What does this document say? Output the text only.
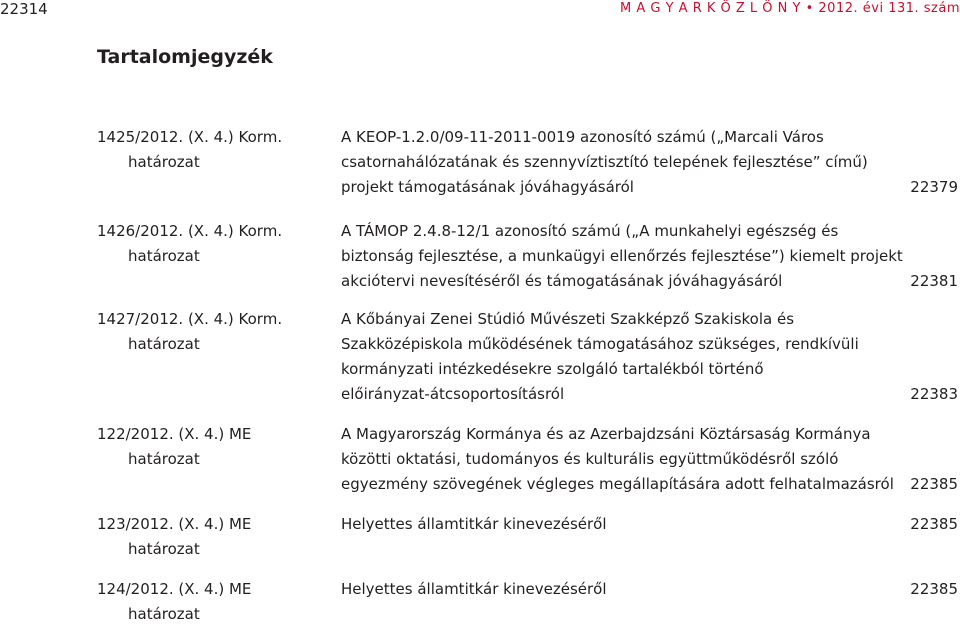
22314	M A G Y A R K Ö Z L Ö N Y • 2012. évi 131. szám
Tartalomjegyzék
1425/2012. (X. 4.) Korm.
határozat
A KEOP-1.2.0/09-11-2011-0019 azonosító számú („Marcali Város
csatornahálózatának és szennyvíztisztító telepének fejlesztése” című)
projekt támogatásának jóváhagyásáról	22379
1426/2012. (X. 4.) Korm.
határozat
A TÁMOP 2.4.8-12/1 azonosító számú („A munkahelyi egészség és
biztonság fejlesztése, a munkaügyi ellenőrzés fejlesztése”) kiemelt projekt
akciótervi nevesítéséről és támogatásának jóváhagyásáról	22381
1427/2012. (X. 4.) Korm.
határozat
A Kőbányai Zenei Stúdió Művészeti Szakképző Szakiskola és
Szakközépiskola működésének támogatásához szükséges, rendkívüli
kormányzati intézkedésekre szolgáló tartalékból történő
előirányzat-átcsoportosításról	22383
122/2012. (X. 4.) ME
határozat
A Magyarország Kormánya és az Azerbajdzsáni Köztársaság Kormánya
közötti oktatási, tudományos és kulturális együttműködésről szóló
egyezmény szövegének végleges megállapítására adott felhatalmazásról 22385
123/2012. (X. 4.) ME
határozat
Helyettes államtitkár kinevezéséről	22385
124/2012. (X. 4.) ME
határozat
Helyettes államtitkár kinevezéséről	22385
